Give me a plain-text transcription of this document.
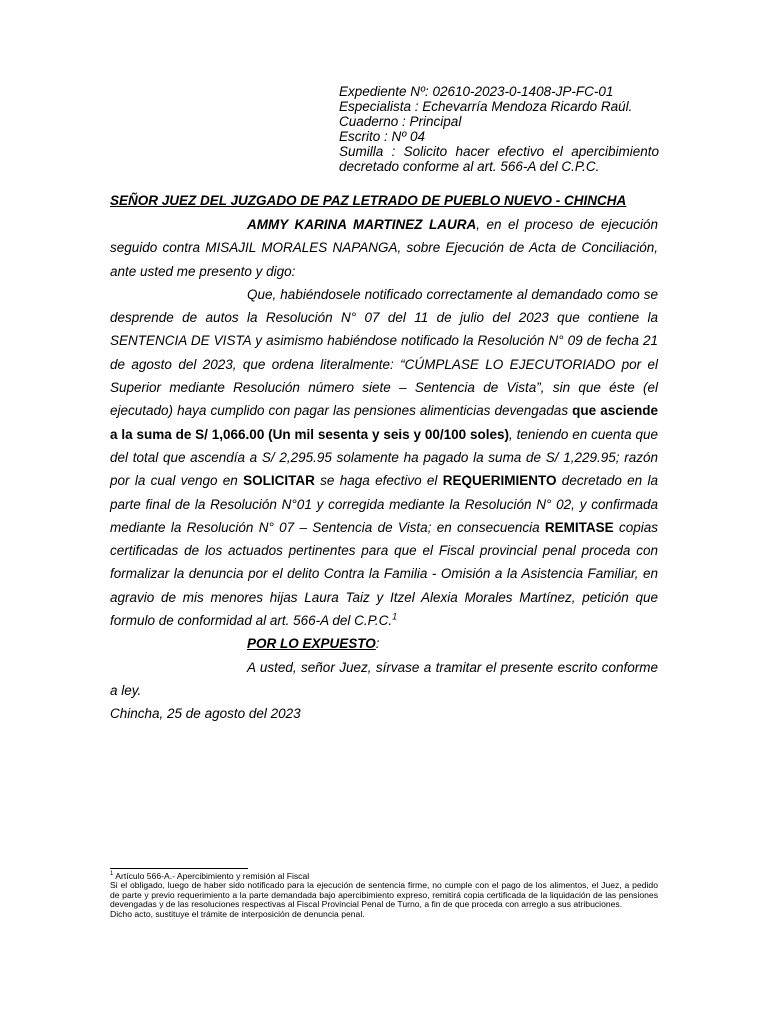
Expediente Nº: 02610-2023-0-1408-JP-FC-01
Especialista : Echevarría Mendoza Ricardo Raúl.
Cuaderno : Principal
Escrito : Nº 04
Sumilla : Solicito hacer efectivo el apercibimiento decretado conforme al art. 566-A del C.P.C.
SEÑOR JUEZ DEL JUZGADO DE PAZ LETRADO DE PUEBLO NUEVO - CHINCHA

AMMY KARINA MARTINEZ LAURA, en el proceso de ejecución seguido contra MISAJIL MORALES NAPANGA, sobre Ejecución de Acta de Conciliación, ante usted me presento y digo:

Que, habiéndosele notificado correctamente al demandado como se desprende de autos la Resolución N° 07 del 11 de julio del 2023 que contiene la SENTENCIA DE VISTA y asimismo habiéndose notificado la Resolución N° 09 de fecha 21 de agosto del 2023, que ordena literalmente: “CÚMPLASE LO EJECUTORIADO por el Superior mediante Resolución número siete – Sentencia de Vista”, sin que éste (el ejecutado) haya cumplido con pagar las pensiones alimenticias devengadas que asciende a la suma de S/ 1,066.00 (Un mil sesenta y seis y 00/100 soles), teniendo en cuenta que del total que ascendía a S/ 2,295.95 solamente ha pagado la suma de S/ 1,229.95; razón por la cual vengo en SOLICITAR se haga efectivo el REQUERIMIENTO decretado en la parte final de la Resolución N°01 y corregida mediante la Resolución N° 02, y confirmada mediante la Resolución N° 07 – Sentencia de Vista; en consecuencia REMITASE copias certificadas de los actuados pertinentes para que el Fiscal provincial penal proceda con formalizar la denuncia por el delito Contra la Familia - Omisión a la Asistencia Familiar, en agravio de mis menores hijas Laura Taiz y Itzel Alexia Morales Martínez, petición que formulo de conformidad al art. 566-A del C.P.C.$^1$

POR LO EXPUESTO:

A usted, señor Juez, sírvase a tramitar el presente escrito conforme a ley.

Chincha, 25 de agosto del 2023

$^1$ Artículo 566-A.- Apercibimiento y remisión al Fiscal

Si el obligado, luego de haber sido notificado para la ejecución de sentencia firme, no cumple con el pago de los alimentos, el Juez, a pedido de parte y previo requerimiento a la parte demandada bajo apercibimiento expreso, remitirá copia certificada de la liquidación de las pensiones devengadas y de las resoluciones respectivas al Fiscal Provincial Penal de Turno, a fin de que proceda con arreglo a sus atribuciones.

Dicho acto, sustituye el trámite de interposición de denuncia penal.
